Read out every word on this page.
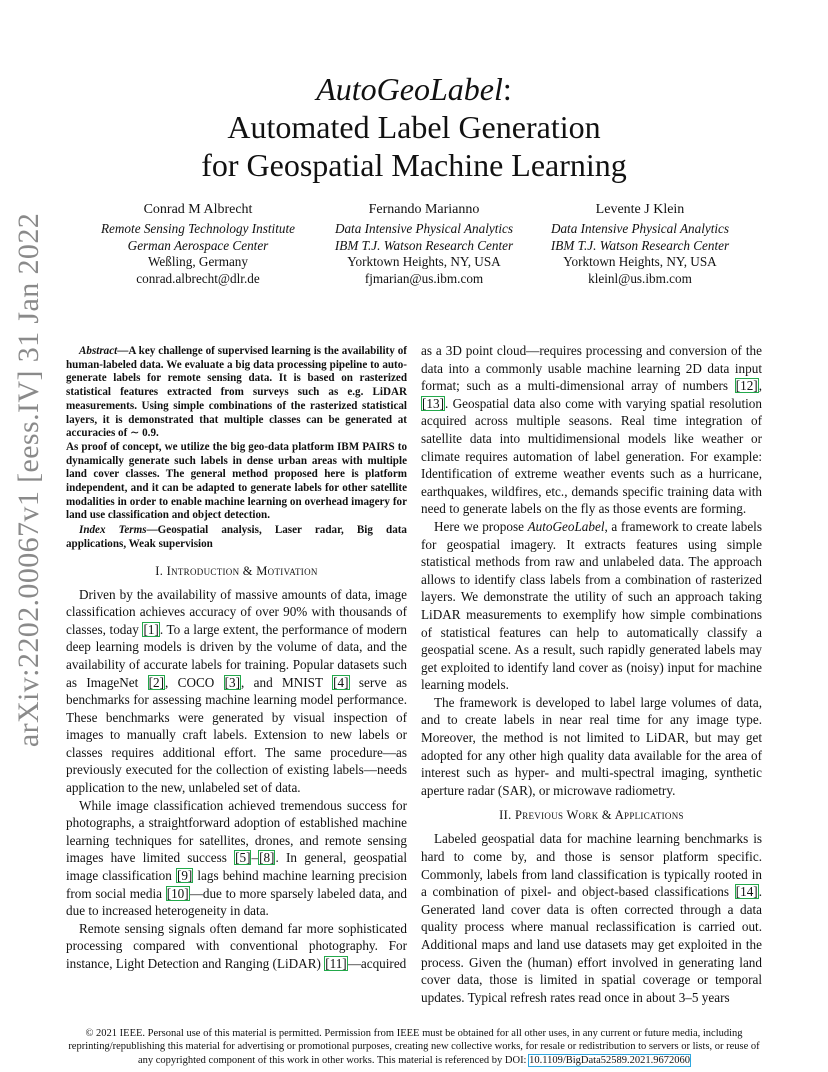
arXiv:2202.00067v1 [eess.IV] 31 Jan 2022
AutoGeoLabel:
Automated Label Generation
for Geospatial Machine Learning
Conrad M Albrecht
Remote Sensing Technology Institute
German Aerospace Center
Weßling, Germany
conrad.albrecht@dlr.de
Fernando Marianno
Data Intensive Physical Analytics
IBM T.J. Watson Research Center
Yorktown Heights, NY, USA
fjmarian@us.ibm.com
Levente J Klein
Data Intensive Physical Analytics
IBM T.J. Watson Research Center
Yorktown Heights, NY, USA
kleinl@us.ibm.com

Abstract—A key challenge of supervised learning is the availability of human-labeled data. We evaluate a big data processing pipeline to auto-generate labels for remote sensing data. It is based on rasterized statistical features extracted from surveys such as e.g. LiDAR measurements. Using simple combinations of the rasterized statistical layers, it is demonstrated that multiple classes can be generated at accuracies of ∼ 0.9.

As proof of concept, we utilize the big geo-data platform IBM PAIRS to dynamically generate such labels in dense urban areas with multiple land cover classes. The general method proposed here is platform independent, and it can be adapted to generate labels for other satellite modalities in order to enable machine learning on overhead imagery for land use classification and object detection.

Index Terms—Geospatial analysis, Laser radar, Big data applications, Weak supervision

I. Introduction & Motivation

Driven by the availability of massive amounts of data, image classification achieves accuracy of over 90% with thousands of classes, today [1]. To a large extent, the performance of modern deep learning models is driven by the volume of data, and the availability of accurate labels for training. Popular datasets such as ImageNet [2], COCO [3], and MNIST [4] serve as benchmarks for assessing machine learning model performance. These benchmarks were generated by visual inspection of images to manually craft labels. Extension to new labels or classes requires additional effort. The same procedure—as previously executed for the collection of existing labels—needs application to the new, unlabeled set of data.

While image classification achieved tremendous success for photographs, a straightforward adoption of established machine learning techniques for satellites, drones, and remote sensing images have limited success [5]–[8]. In general, geospatial image classification [9] lags behind machine learning precision from social media [10]—due to more sparsely labeled data, and due to increased heterogeneity in data.

Remote sensing signals often demand far more sophisticated processing compared with conventional photography. For instance, Light Detection and Ranging (LiDAR) [11]—acquired

as a 3D point cloud—requires processing and conversion of the data into a commonly usable machine learning 2D data input format; such as a multi-dimensional array of numbers [12], [13]. Geospatial data also come with varying spatial resolution acquired across multiple seasons. Real time integration of satellite data into multidimensional models like weather or climate requires automation of label generation. For example: Identification of extreme weather events such as a hurricane, earthquakes, wildfires, etc., demands specific training data with need to generate labels on the fly as those events are forming.

Here we propose AutoGeoLabel, a framework to create labels for geospatial imagery. It extracts features using simple statistical methods from raw and unlabeled data. The approach allows to identify class labels from a combination of rasterized layers. We demonstrate the utility of such an approach taking LiDAR measurements to exemplify how simple combinations of statistical features can help to automatically classify a geospatial scene. As a result, such rapidly generated labels may get exploited to identify land cover as (noisy) input for machine learning models.

The framework is developed to label large volumes of data, and to create labels in near real time for any image type. Moreover, the method is not limited to LiDAR, but may get adopted for any other high quality data available for the area of interest such as hyper- and multi-spectral imaging, synthetic aperture radar (SAR), or microwave radiometry.

II. Previous Work & Applications

Labeled geospatial data for machine learning benchmarks is hard to come by, and those is sensor platform specific. Commonly, labels from land classification is typically rooted in a combination of pixel- and object-based classifications [14]. Generated land cover data is often corrected through a data quality process where manual reclassification is carried out. Additional maps and land use datasets may get exploited in the process. Given the (human) effort involved in generating land cover data, those is limited in spatial coverage or temporal updates. Typical refresh rates read once in about 3–5 years

© 2021 IEEE. Personal use of this material is permitted. Permission from IEEE must be obtained for all other uses, in any current or future media, including reprinting/republishing this material for advertising or promotional purposes, creating new collective works, for resale or redistribution to servers or lists, or reuse of any copyrighted component of this work in other works. This material is referenced by DOI: 10.1109/BigData52589.2021.9672060
